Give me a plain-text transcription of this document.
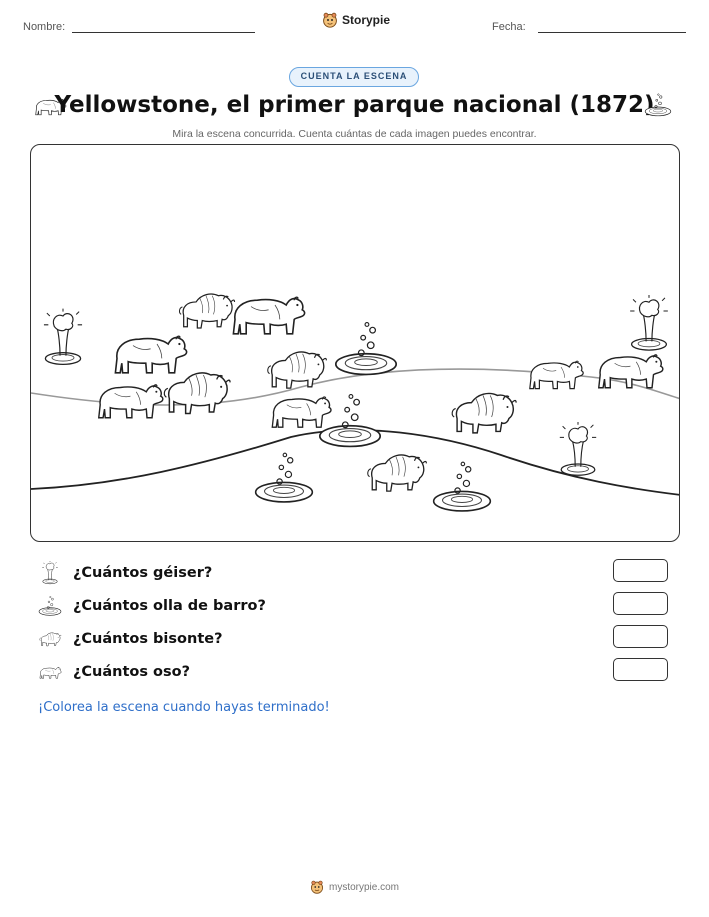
Nombre:	Storypie	Fecha:
CUENTA LA ESCENA
Yellowstone, el primer parque nacional (1872)
Mira la escena concurrida. Cuenta cuántas de cada imagen puedes encontrar.
¿Cuántos géiser?
¿Cuántos olla de barro?
¿Cuántos bisonte?
¿Cuántos oso?
¡Colorea la escena cuando hayas terminado!
mystorypie.com
